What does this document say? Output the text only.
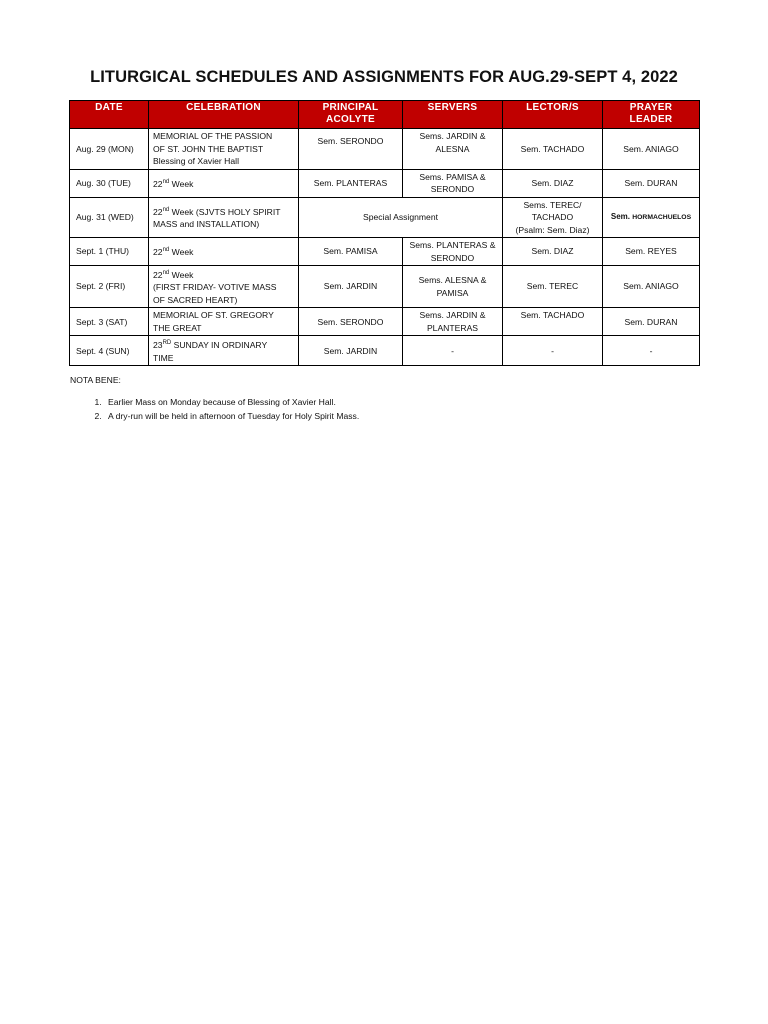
LITURGICAL SCHEDULES AND ASSIGNMENTS FOR AUG.29-SEPT 4, 2022
DATE	CELEBRATION	PRINCIPAL
ACOLYTE	SERVERS	LECTOR/S	PRAYER
LEADER
Aug. 29 (MON)	MEMORIAL OF THE PASSION
OF ST. JOHN THE BAPTIST
Blessing of Xavier Hall	Sem. SERONDO	Sems. JARDIN &
ALESNA	Sem. TACHADO	Sem. ANIAGO
Aug. 30 (TUE)	22nd Week	Sem. PLANTERAS	Sems. PAMISA &
SERONDO	Sem. DIAZ	Sem. DURAN
Aug. 31 (WED)	22nd Week (SJVTS HOLY SPIRIT
MASS and INSTALLATION)	Special Assignment		Sems. TEREC/
TACHADO
(Psalm: Sem. Diaz)	Sem. HORMACHUELOS
Sept. 1 (THU)	22nd Week	Sem. PAMISA	Sems. PLANTERAS &
SERONDO	Sem. DIAZ	Sem. REYES
Sept. 2 (FRI)	22nd Week
(FIRST FRIDAY- VOTIVE MASS
OF SACRED HEART)	Sem. JARDIN	Sems. ALESNA &
PAMISA	Sem. TEREC	Sem. ANIAGO
Sept. 3 (SAT)	MEMORIAL OF ST. GREGORY
THE GREAT	Sem. SERONDO	Sems. JARDIN &
PLANTERAS	Sem. TACHADO	Sem. DURAN
Sept. 4 (SUN)	23RD SUNDAY IN ORDINARY
TIME	Sem. JARDIN	-	-	-
NOTA BENE:
1. Earlier Mass on Monday because of Blessing of Xavier Hall.
2. A dry-run will be held in afternoon of Tuesday for Holy Spirit Mass.
